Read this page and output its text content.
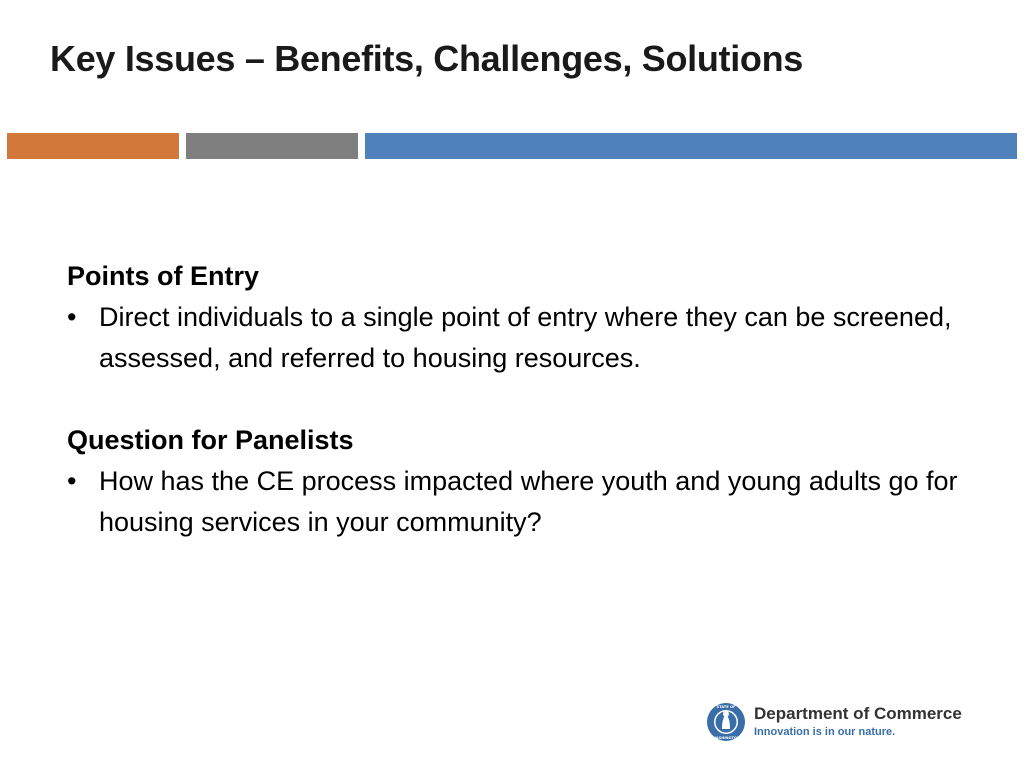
Key Issues – Benefits, Challenges, Solutions

Points of Entry

• Direct individuals to a single point of entry where they can be screened, assessed, and referred to housing resources.

Question for Panelists

• How has the CE process impacted where youth and young adults go for housing services in your community?

STATE OF
WASHINGTON
Department of Commerce
Innovation is in our nature.
